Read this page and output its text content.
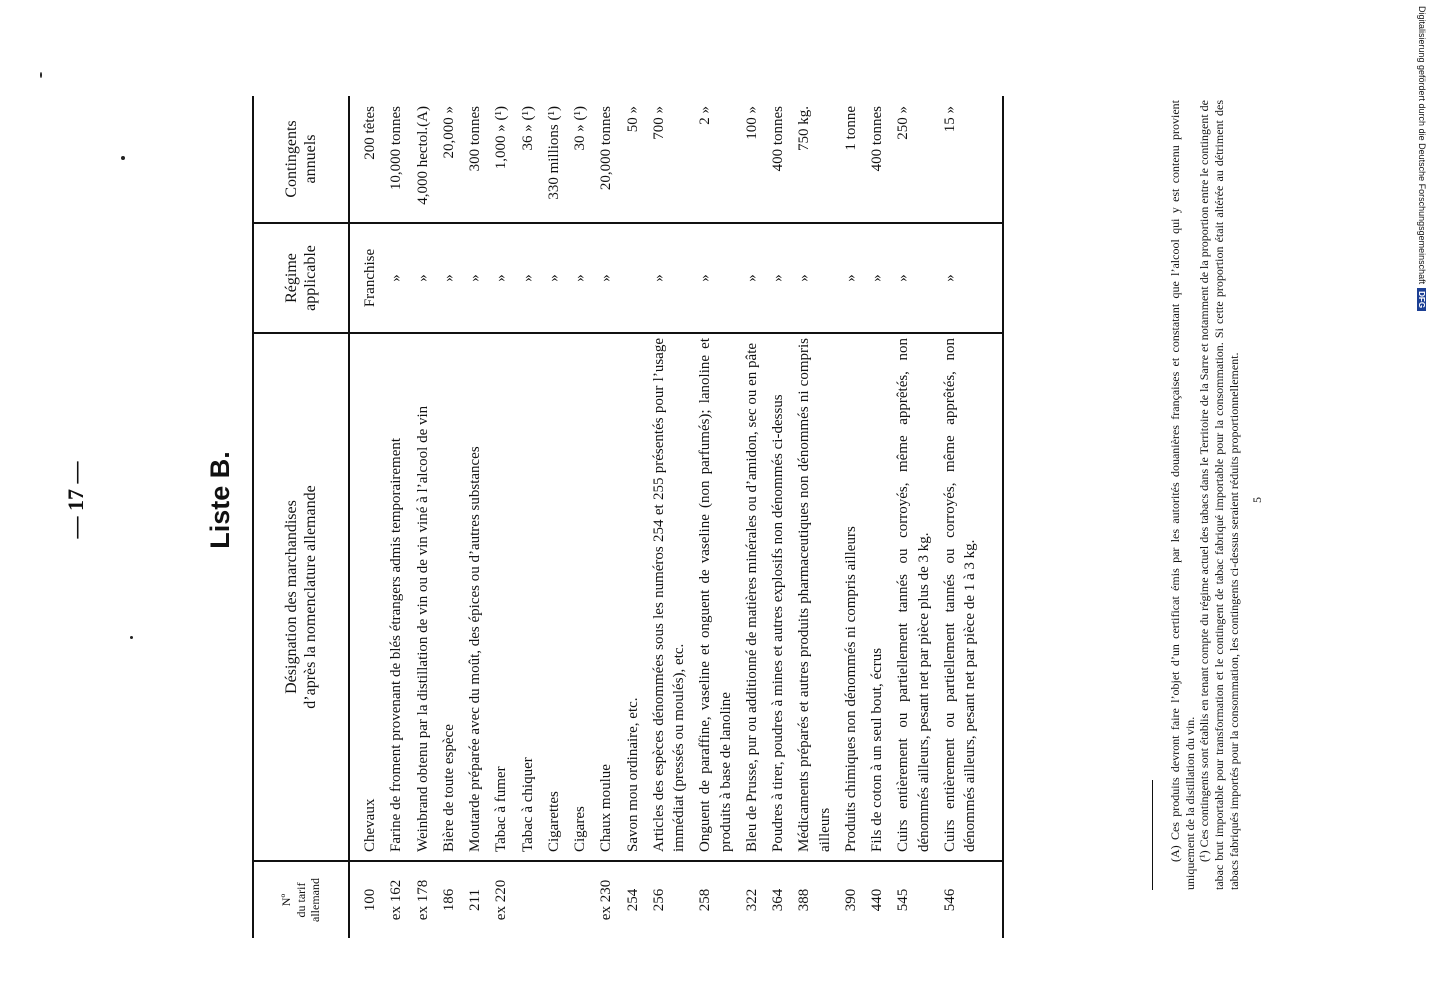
Digitalisierung gefördert durch die Deutsche ForschungsgemeinschaftDFG
— 17 —	Liste B.
Nº
du tarif
allemand
Désignation des marchandises
d’après la nomenclature allemande
Régime
applicable
Contingents
annuels
100
Chevaux
Franchise
200 têtes
ex 162
Farine de froment provenant de blés étrangers admis temporairement
»
10,000 tonnes
ex 178
Weinbrand obtenu par la distillation de vin ou de vin viné à l’alcool de vin
»
4,000 hectol.(A)
186
Bière de toute espèce
»
20,000 »
211
Moutarde préparée avec du moût, des épices ou d’autres substances
»
300 tonnes
ex 220
Tabac à fumer
»
1,000 » (¹)
Tabac à chiquer
»
36 » (¹)
Cigarettes
»
330 millions (¹)
Cigares
»
30 » (¹)
ex 230
Chaux moulue
»
20,000 tonnes
254
Savon mou ordinaire, etc.
50 »
256
Articles des espèces dénommées sous les numéros 254 et 255 présentés pour l’usage immédiat (pressés ou moulés), etc.
»
700 »
258
Onguent de paraffine, vaseline et onguent de vaseline (non parfumés); lanoline et produits à base de lanoline
»
2 »
322
Bleu de Prusse, pur ou additionné de matières minérales ou d’amidon, sec ou en pâte
»
100 »
364
Poudres à tirer, poudres à mines et autres explosifs non dénommés ci-dessus
»
400 tonnes
388
Médicaments préparés et autres produits pharmaceutiques non dénommés ni compris ailleurs
»
750 kg.
390
Produits chimiques non dénommés ni compris ailleurs
»
1 tonne
440
Fils de coton à un seul bout, écrus
»
400 tonnes
545
Cuirs entièrement ou partiellement tannés ou corroyés, même apprêtés, non dénommés ailleurs, pesant net par pièce plus de 3 kg.
»
250 »
546
Cuirs entièrement ou partiellement tannés ou corroyés, même apprêtés, non dénommés ailleurs, pesant net par pièce de 1 à 3 kg.
»
15 »	(A) Ces produits devront faire l’objet d’un certificat émis par les autorités douanières françaises et constatant que l’alcool qui y est contenu provient uniquement de la distillation du vin. (¹) Ces contingents sont établis en tenant compte du régime actuel des tabacs dans le Territoire de la Sarre et notamment de la proportion entre le contingent de tabac brut importable pour transformation et le contingent de tabac fabriqué importable pour la consommation. Si cette proportion était altérée au détriment des tabacs fabriqués importés pour la consommation, les contingents ci-dessus seraient réduits proportionnellement. 5
